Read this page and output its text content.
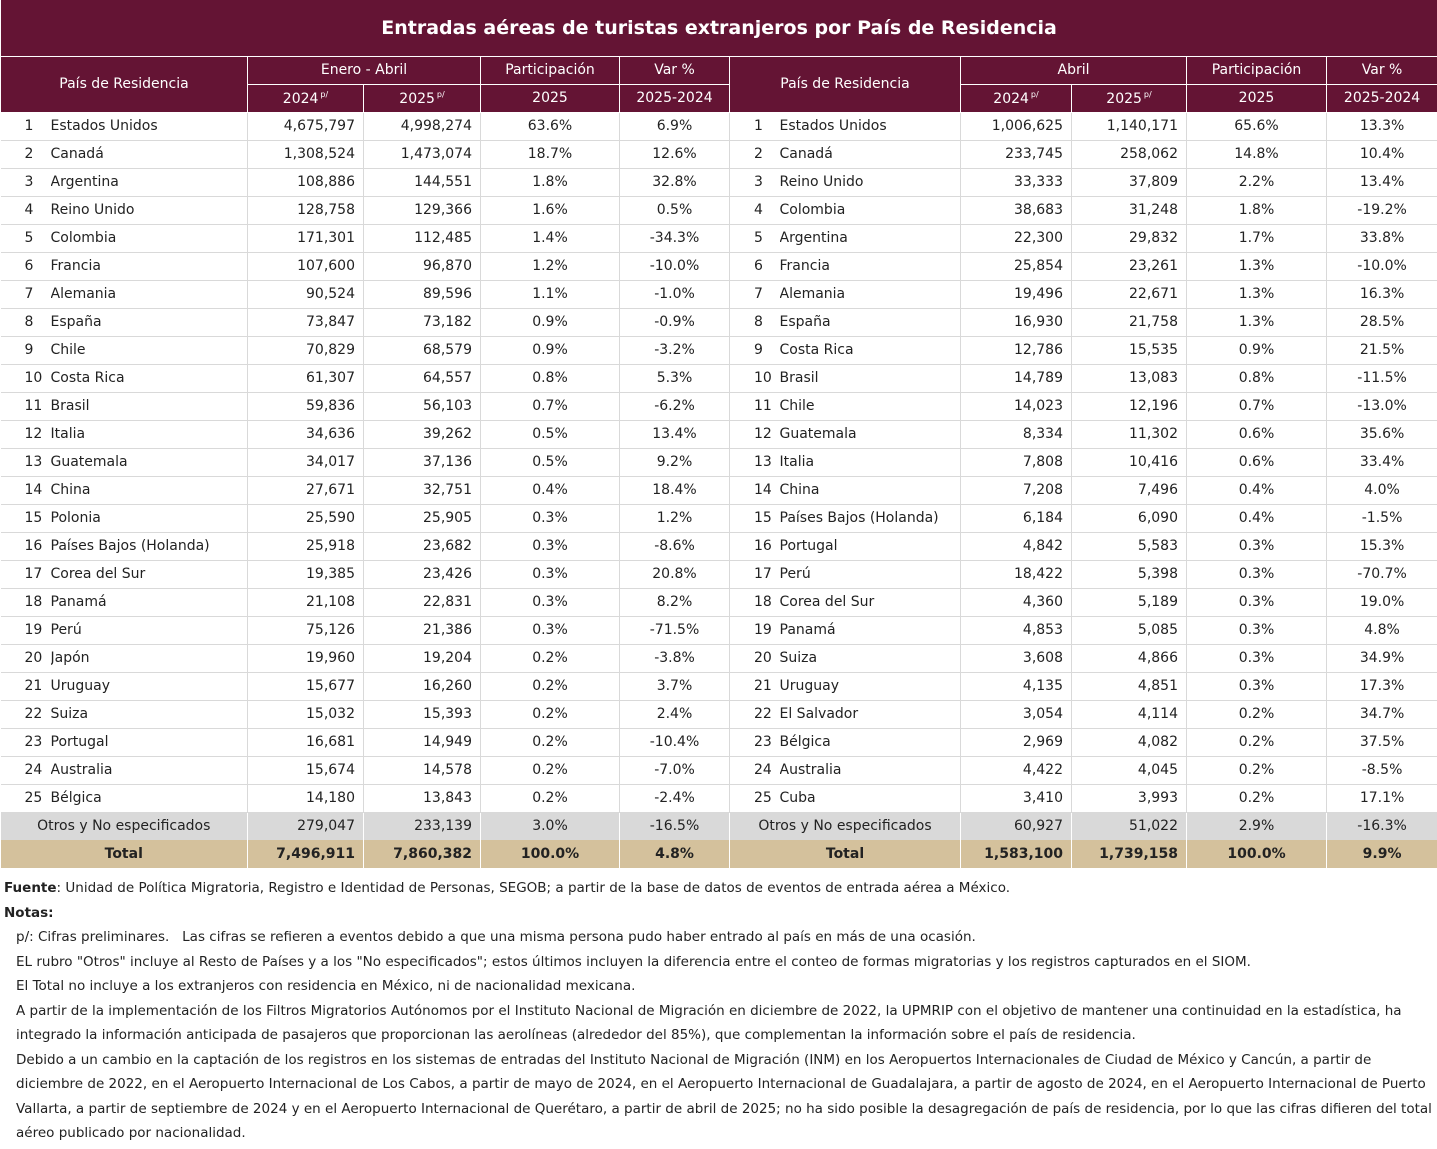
Entradas aéreas de turistas extranjeros por País de Residencia											
País de Residencia		Enero - Abril		Participación	Var %	País de Residencia		Abril		Participación	Var %
		2024 $^{p/}$	2025 $^{p/}$	2025	2025-2024			2024 $^{p/}$	2025 $^{p/}$	2025	2025-2024
1	Estados Unidos	4,675,797	4,998,274	63.6%	6.9%	1	Estados Unidos	1,006,625	1,140,171	65.6%	13.3%
2	Canadá	1,308,524	1,473,074	18.7%	12.6%	2	Canadá	233,745	258,062	14.8%	10.4%
3	Argentina	108,886	144,551	1.8%	32.8%	3	Reino Unido	33,333	37,809	2.2%	13.4%
4	Reino Unido	128,758	129,366	1.6%	0.5%	4	Colombia	38,683	31,248	1.8%	-19.2%
5	Colombia	171,301	112,485	1.4%	-34.3%	5	Argentina	22,300	29,832	1.7%	33.8%
6	Francia	107,600	96,870	1.2%	-10.0%	6	Francia	25,854	23,261	1.3%	-10.0%
7	Alemania	90,524	89,596	1.1%	-1.0%	7	Alemania	19,496	22,671	1.3%	16.3%
8	España	73,847	73,182	0.9%	-0.9%	8	España	16,930	21,758	1.3%	28.5%
9	Chile	70,829	68,579	0.9%	-3.2%	9	Costa Rica	12,786	15,535	0.9%	21.5%
10	Costa Rica	61,307	64,557	0.8%	5.3%	10	Brasil	14,789	13,083	0.8%	-11.5%
11	Brasil	59,836	56,103	0.7%	-6.2%	11	Chile	14,023	12,196	0.7%	-13.0%
12	Italia	34,636	39,262	0.5%	13.4%	12	Guatemala	8,334	11,302	0.6%	35.6%
13	Guatemala	34,017	37,136	0.5%	9.2%	13	Italia	7,808	10,416	0.6%	33.4%
14	China	27,671	32,751	0.4%	18.4%	14	China	7,208	7,496	0.4%	4.0%
15	Polonia	25,590	25,905	0.3%	1.2%	15	Países Bajos (Holanda)	6,184	6,090	0.4%	-1.5%
16	Países Bajos (Holanda)	25,918	23,682	0.3%	-8.6%	16	Portugal	4,842	5,583	0.3%	15.3%
17	Corea del Sur	19,385	23,426	0.3%	20.8%	17	Perú	18,422	5,398	0.3%	-70.7%
18	Panamá	21,108	22,831	0.3%	8.2%	18	Corea del Sur	4,360	5,189	0.3%	19.0%
19	Perú	75,126	21,386	0.3%	-71.5%	19	Panamá	4,853	5,085	0.3%	4.8%
20	Japón	19,960	19,204	0.2%	-3.8%	20	Suiza	3,608	4,866	0.3%	34.9%
21	Uruguay	15,677	16,260	0.2%	3.7%	21	Uruguay	4,135	4,851	0.3%	17.3%
22	Suiza	15,032	15,393	0.2%	2.4%	22	El Salvador	3,054	4,114	0.2%	34.7%
23	Portugal	16,681	14,949	0.2%	-10.4%	23	Bélgica	2,969	4,082	0.2%	37.5%
24	Australia	15,674	14,578	0.2%	-7.0%	24	Australia	4,422	4,045	0.2%	-8.5%
25	Bélgica	14,180	13,843	0.2%	-2.4%	25	Cuba	3,410	3,993	0.2%	17.1%
Otros y No especificados		279,047	233,139	3.0%	-16.5%	Otros y No especificados		60,927	51,022	2.9%	-16.3%
Total		7,496,911	7,860,382	100.0%	4.8%	Total		1,583,100	1,739,158	100.0%	9.9%
Fuente: Unidad de Política Migratoria, Registro e Identidad de Personas, SEGOB; a partir de la base de datos de eventos de entrada aérea a México.
Notas:
p/: Cifras preliminares. Las cifras se refieren a eventos debido a que una misma persona pudo haber entrado al país en más de una ocasión.
EL rubro "Otros" incluye al Resto de Países y a los "No especificados"; estos últimos incluyen la diferencia entre el conteo de formas migratorias y los registros capturados en el SIOM.
El Total no incluye a los extranjeros con residencia en México, ni de nacionalidad mexicana.
A partir de la implementación de los Filtros Migratorios Autónomos por el Instituto Nacional de Migración en diciembre de 2022, la UPMRIP con el objetivo de mantener una continuidad en la estadística, ha integrado la información anticipada de pasajeros que proporcionan las aerolíneas (alrededor del 85%), que complementan la información sobre el país de residencia.
Debido a un cambio en la captación de los registros en los sistemas de entradas del Instituto Nacional de Migración (INM) en los Aeropuertos Internacionales de Ciudad de México y Cancún, a partir de diciembre de 2022, en el Aeropuerto Internacional de Los Cabos, a partir de mayo de 2024, en el Aeropuerto Internacional de Guadalajara, a partir de agosto de 2024, en el Aeropuerto Internacional de Puerto Vallarta, a partir de septiembre de 2024 y en el Aeropuerto Internacional de Querétaro, a partir de abril de 2025; no ha sido posible la desagregación de país de residencia, por lo que las cifras difieren del total aéreo publicado por nacionalidad.
